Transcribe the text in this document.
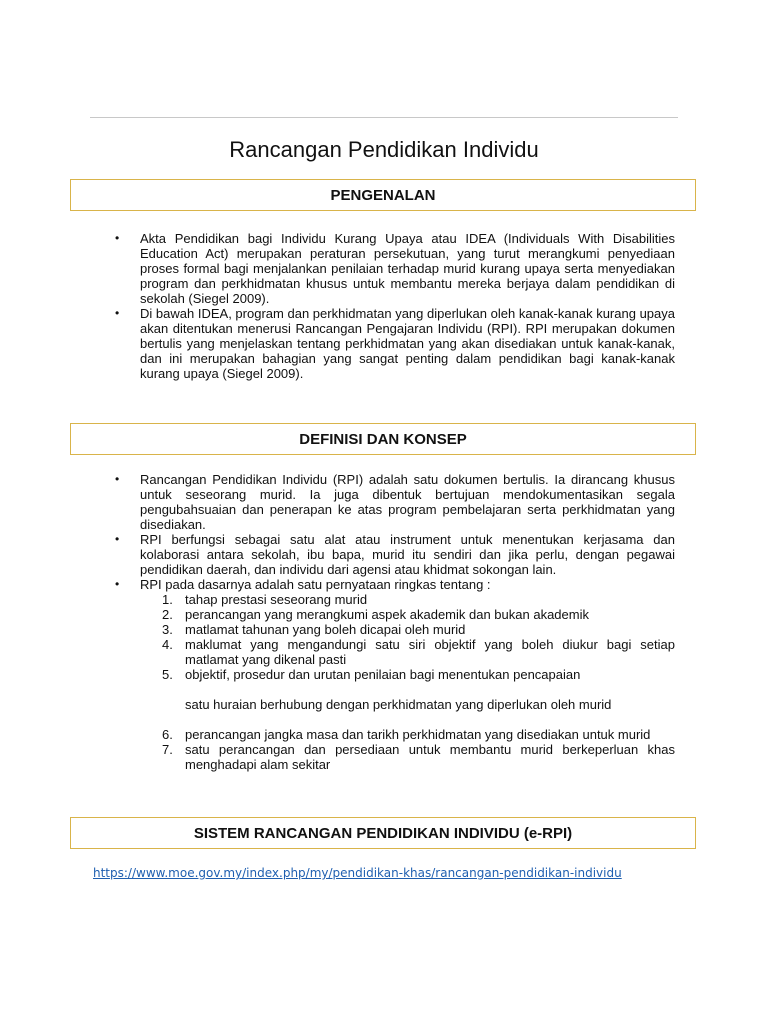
Rancangan Pendidikan Individu
PENGENALAN
• Akta Pendidikan bagi Individu Kurang Upaya atau IDEA (Individuals With Disabilities Education Act) merupakan peraturan persekutuan, yang turut merangkumi penyediaan proses formal bagi menjalankan penilaian terhadap murid kurang upaya serta menyediakan program dan perkhidmatan khusus untuk membantu mereka berjaya dalam pendidikan di sekolah (Siegel 2009).
• Di bawah IDEA, program dan perkhidmatan yang diperlukan oleh kanak-kanak kurang upaya akan ditentukan menerusi Rancangan Pengajaran Individu (RPI). RPI merupakan dokumen bertulis yang menjelaskan tentang perkhidmatan yang akan disediakan untuk kanak-kanak, dan ini merupakan bahagian yang sangat penting dalam pendidikan bagi kanak-kanak kurang upaya (Siegel 2009).
DEFINISI DAN KONSEP
• Rancangan Pendidikan Individu (RPI) adalah satu dokumen bertulis. Ia dirancang khusus untuk seseorang murid. Ia juga dibentuk bertujuan mendokumentasikan segala pengubahsuaian dan penerapan ke atas program pembelajaran serta perkhidmatan yang disediakan.
• RPI berfungsi sebagai satu alat atau instrument untuk menentukan kerjasama dan kolaborasi antara sekolah, ibu bapa, murid itu sendiri dan jika perlu, dengan pegawai pendidikan daerah, dan individu dari agensi atau khidmat sokongan lain.
• RPI pada dasarnya adalah satu pernyataan ringkas tentang :
1. tahap prestasi seseorang murid
2. perancangan yang merangkumi aspek akademik dan bukan akademik
3. matlamat tahunan yang boleh dicapai oleh murid
4. maklumat yang mengandungi satu siri objektif yang boleh diukur bagi setiap matlamat yang dikenal pasti
5. objektif, prosedur dan urutan penilaian bagi menentukan pencapaian
satu huraian berhubung dengan perkhidmatan yang diperlukan oleh murid
6. perancangan jangka masa dan tarikh perkhidmatan yang disediakan untuk murid
7. satu perancangan dan persediaan untuk membantu murid berkeperluan khas menghadapi alam sekitar
SISTEM RANCANGAN PENDIDIKAN INDIVIDU (e-RPI)
https://www.moe.gov.my/index.php/my/pendidikan-khas/rancangan-pendidikan-individu
